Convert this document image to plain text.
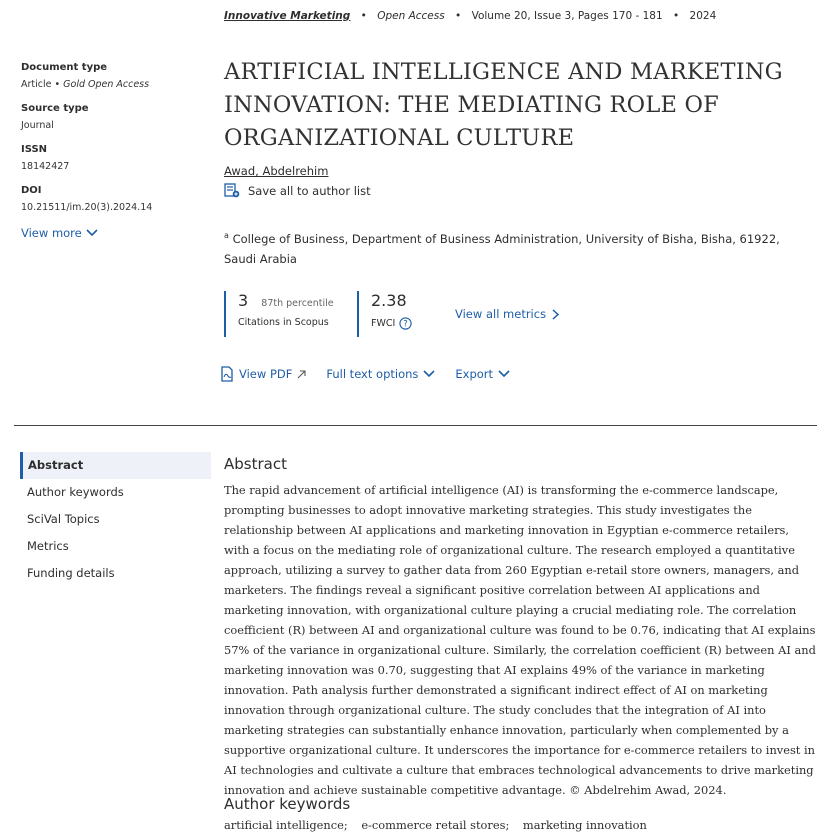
Innovative Marketing • Open Access • Volume 20, Issue 3, Pages 170 - 181 • 2024
Document type
Article • Gold Open Access
Source type
Journal
ISSN
18142427
DOI
10.21511/im.20(3).2024.14
View more
ARTIFICIAL INTELLIGENCE AND MARKETING INNOVATION: THE MEDIATING ROLE OF ORGANIZATIONAL CULTURE
Awad, Abdelrehim
Save all to author list
$^a$ College of Business, Department of Business Administration, University of Bisha, Bisha, 61922, Saudi Arabia
3 87th percentile
Citations in Scopus
2.38
FWCI ?
View all metrics
View PDF	Full text options	Export
Abstract
Author keywords
SciVal Topics
Metrics
Funding details
Abstract
The rapid advancement of artificial intelligence (AI) is transforming the e-commerce landscape, prompting businesses to adopt innovative marketing strategies. This study investigates the relationship between AI applications and marketing innovation in Egyptian e-commerce retailers, with a focus on the mediating role of organizational culture. The research employed a quantitative approach, utilizing a survey to gather data from 260 Egyptian e-retail store owners, managers, and marketers. The findings reveal a significant positive correlation between AI applications and marketing innovation, with organizational culture playing a crucial mediating role. The correlation coefficient (R) between AI and organizational culture was found to be 0.76, indicating that AI explains 57% of the variance in organizational culture. Similarly, the correlation coefficient (R) between AI and marketing innovation was 0.70, suggesting that AI explains 49% of the variance in marketing innovation. Path analysis further demonstrated a significant indirect effect of AI on marketing innovation through organizational culture. The study concludes that the integration of AI into marketing strategies can substantially enhance innovation, particularly when complemented by a supportive organizational culture. It underscores the importance for e-commerce retailers to invest in AI technologies and cultivate a culture that embraces technological advancements to drive marketing innovation and achieve sustainable competitive advantage. © Abdelrehim Awad, 2024.
Author keywords
artificial intelligence; e-commerce retail stores; marketing innovation
